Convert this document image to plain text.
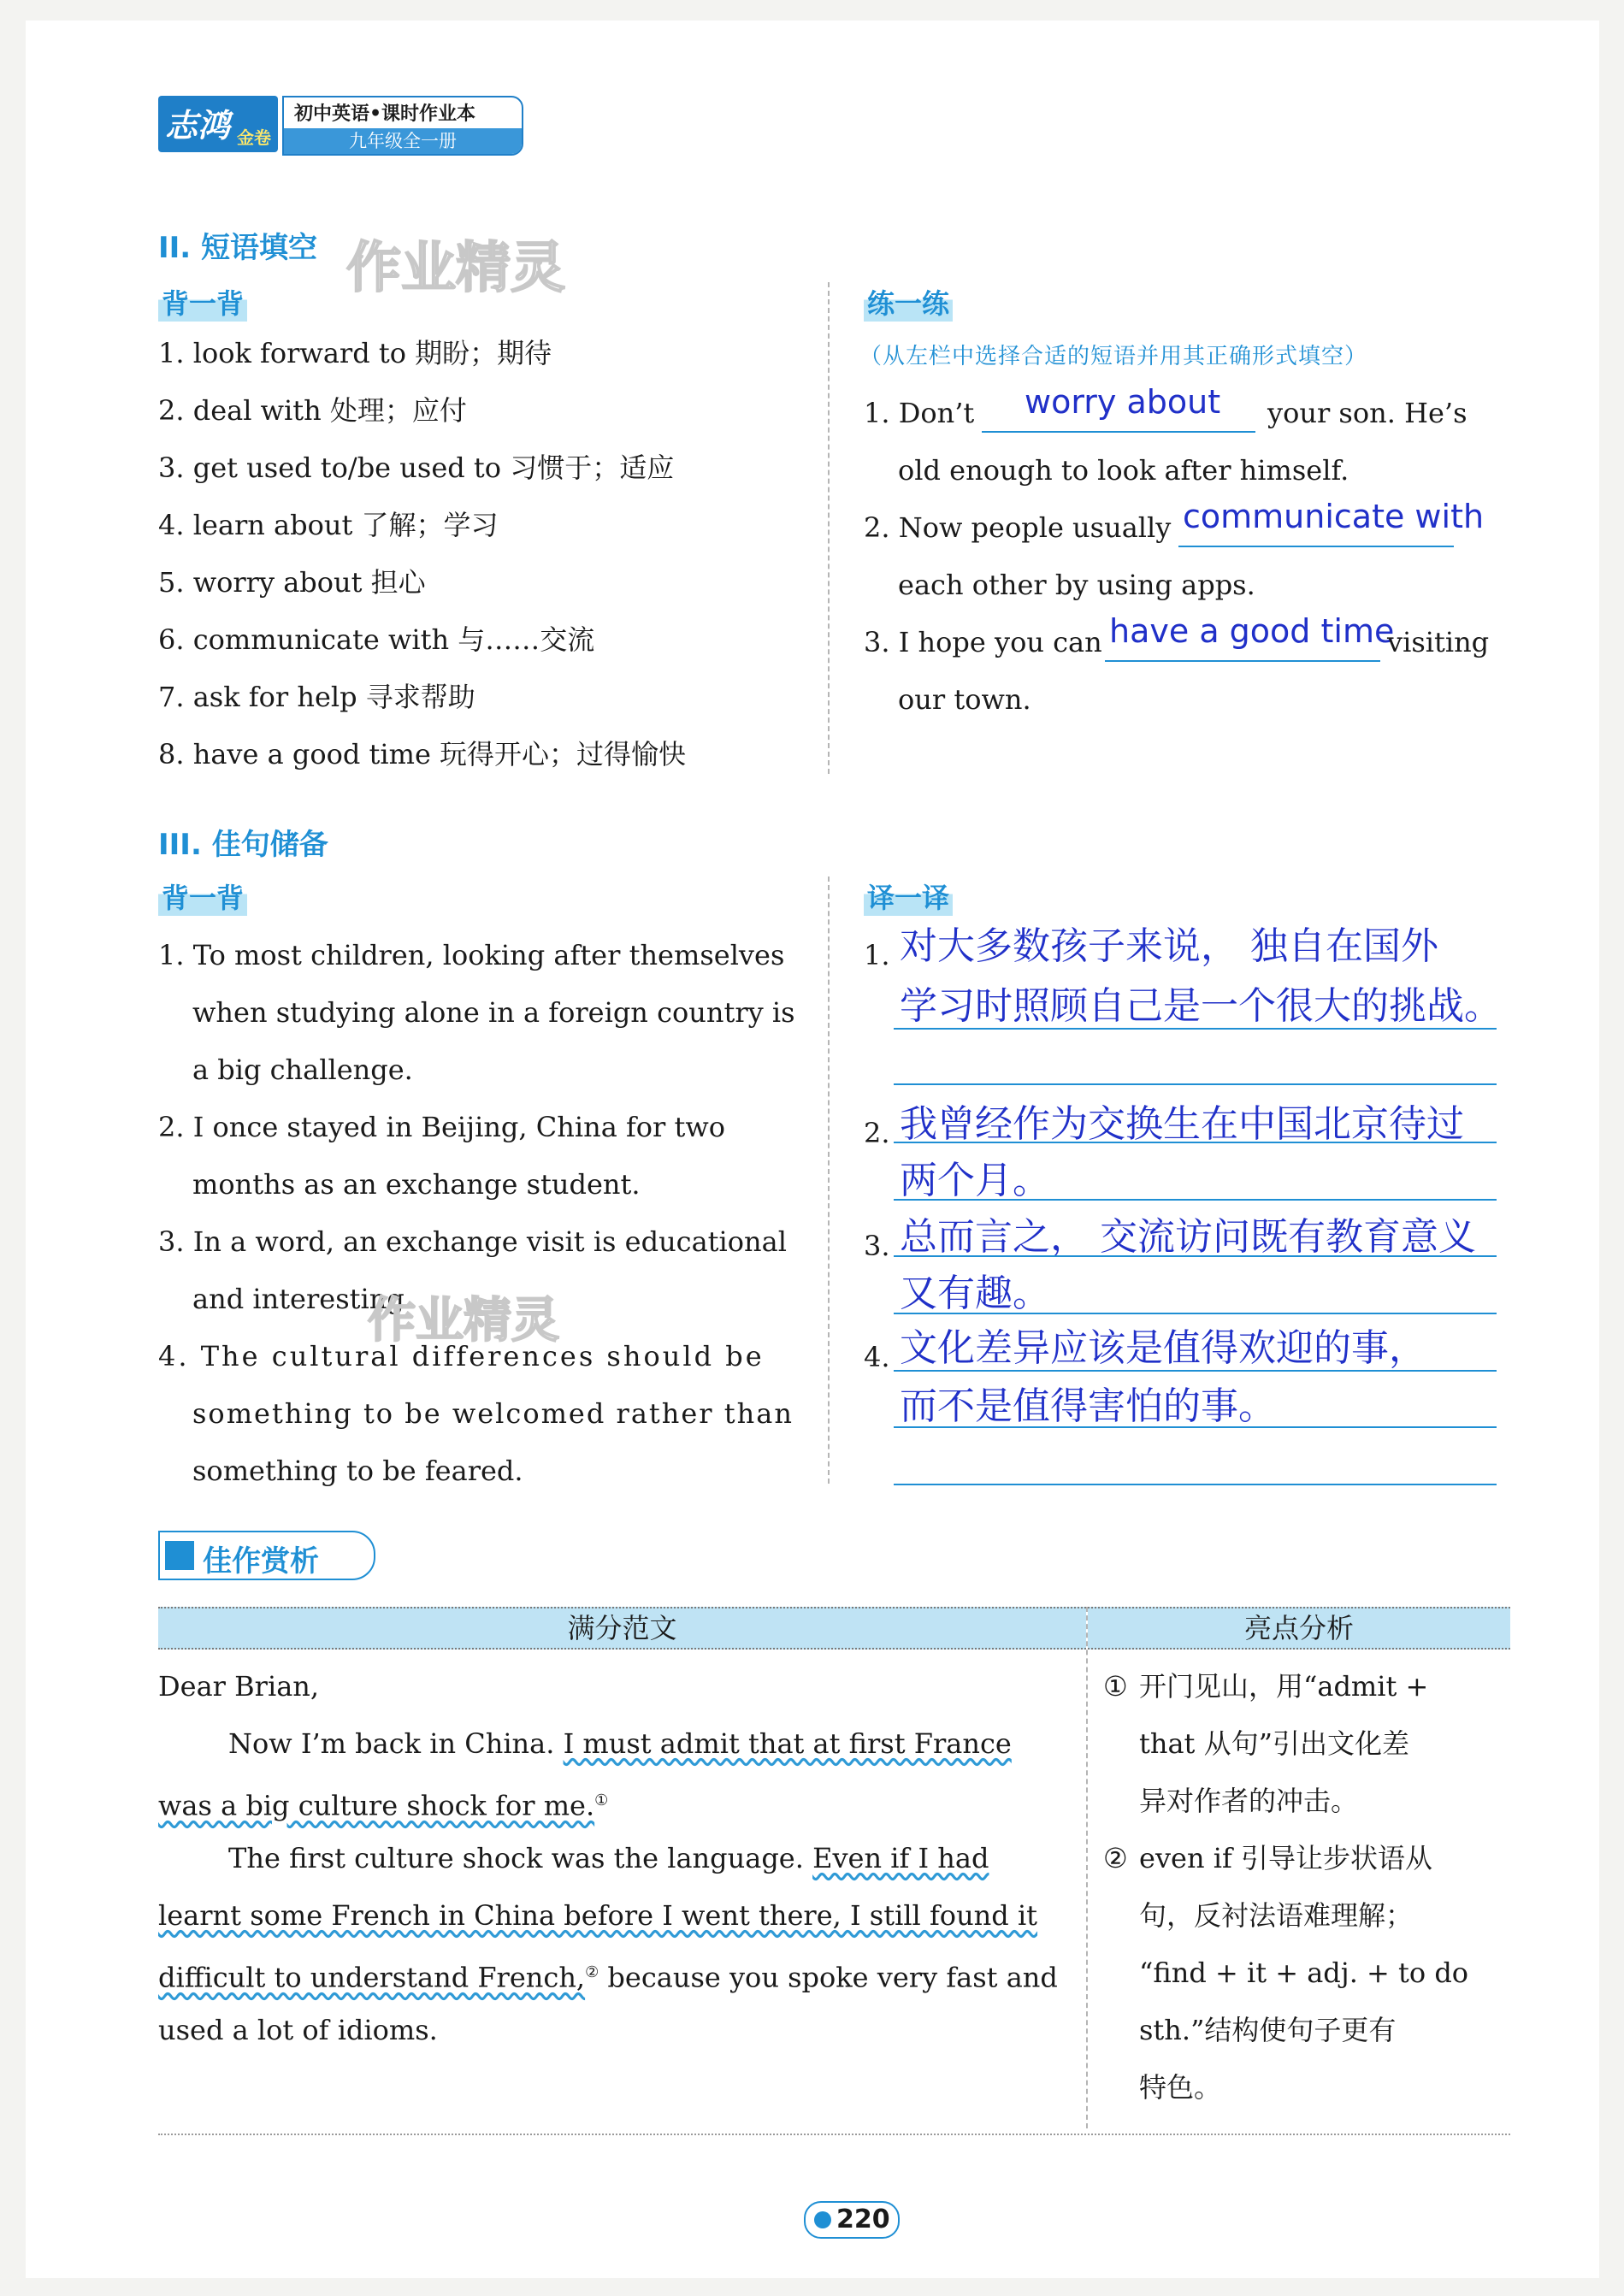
志鸿 金卷
初中英语•课时作业本
九年级全一册
II. 短语填空 作业精灵
背一背	练一练
1. look forward to 期盼；期待
2. deal with 处理；应付
3. get used to/be used to 习惯于；适应
4. learn about 了解；学习
5. worry about 担心
6. communicate with 与……交流
7. ask for help 寻求帮助
8. have a good time 玩得开心；过得愉快
（从左栏中选择合适的短语并用其正确形式填空）
1. Don’t worry about your son. He’s
old enough to look after himself.
2. Now people usually communicate with
each other by using apps.
3. I hope you can have a good time
visiting
our town.
III. 佳句储备
背一背	译一译
1. To most children, looking after themselves
when studying alone in a foreign country is
a big challenge.
2. I once stayed in Beijing, China for two
months as an exchange student.
3. In a word, an exchange visit is educational
and interesting.
4. The cultural differences should be
something to be welcomed rather than
something to be feared.
作业精灵
1. 对大多数孩子来说， 独自在国外
学习时照顾自己是一个很大的挑战。
2. 我曾经作为交换生在中国北京待过
两个月。
3. 总而言之， 交流访问既有教育意义
又有趣。
4. 文化差异应该是值得欢迎的事，
而不是值得害怕的事。
佳作赏析
满分范文	亮点分析
Dear Brian,
Now I’m back in China. I must admit that at first France
was a big culture shock for me.①
The first culture shock was the language. Even if I had
learnt some French in China before I went there, I still found it
difficult to understand French,② because you spoke very fast and
used a lot of idioms.
① 开门见山，用“admit +
that 从句”引出文化差
异对作者的冲击。
② even if 引导让步状语从
句，反衬法语难理解；
“find + it + adj. + to do
sth.”结构使句子更有
特色。
220
